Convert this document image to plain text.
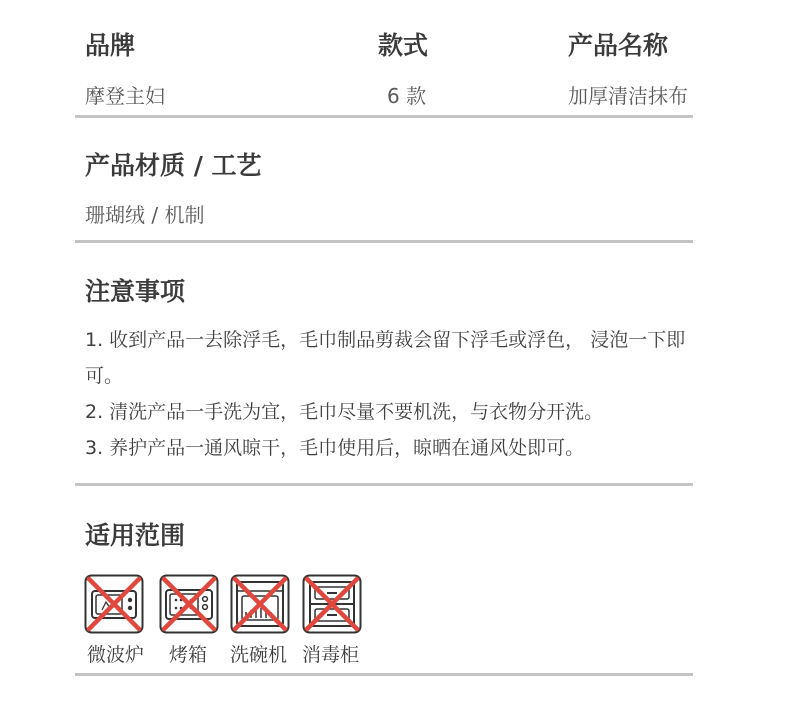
品牌	款式	产品名称
摩登主妇	6 款	加厚清洁抹布
产品材质 / 工艺
珊瑚绒 / 机制
注意事项
1. 收到产品一去除浮毛，毛巾制品剪裁会留下浮毛或浮色， 浸泡一下即可。
2. 清洗产品一手洗为宜，毛巾尽量不要机洗，与衣物分开洗。
3. 养护产品一通风晾干，毛巾使用后，晾晒在通风处即可。
适用范围
微波炉 烤箱 洗碗机 消毒柜
